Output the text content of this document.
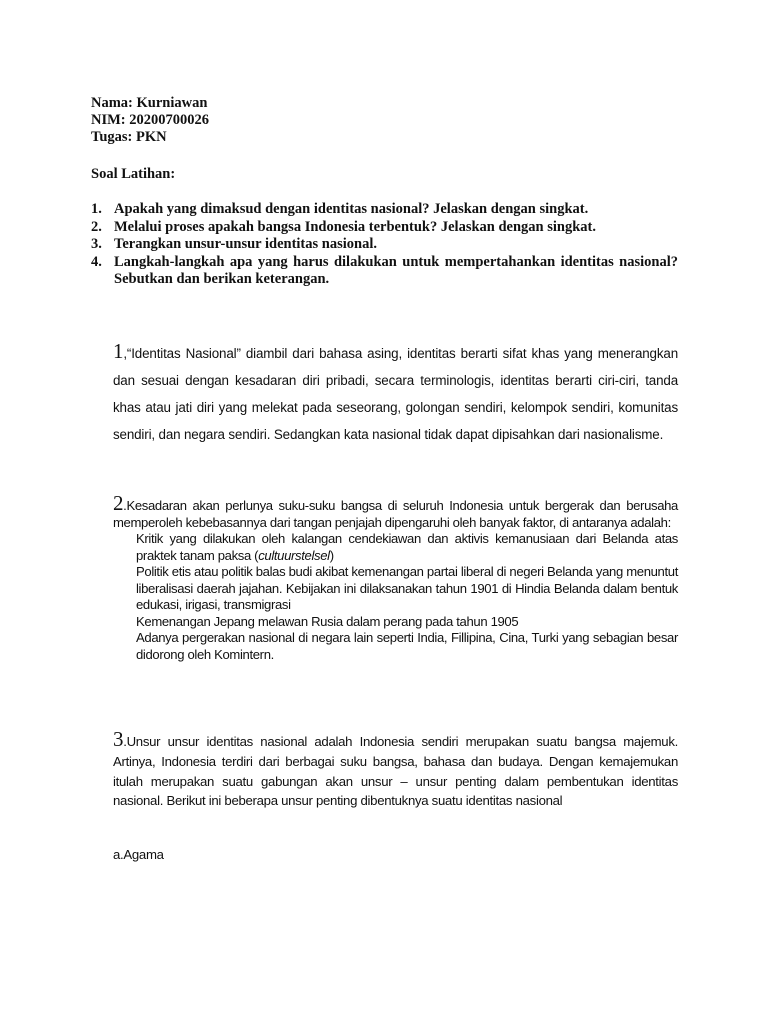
Nama: Kurniawan
NIM: 20200700026
Tugas: PKN
Soal Latihan:
1. Apakah yang dimaksud dengan identitas nasional? Jelaskan dengan singkat.
2. Melalui proses apakah bangsa Indonesia terbentuk? Jelaskan dengan singkat.
3. Terangkan unsur-unsur identitas nasional.
4. Langkah-langkah apa yang harus dilakukan untuk mempertahankan identitas nasional? Sebutkan dan berikan keterangan.
1,“Identitas Nasional” diambil dari bahasa asing, identitas berarti sifat khas yang menerangkan dan sesuai dengan kesadaran diri pribadi, secara terminologis, identitas berarti ciri-ciri, tanda khas atau jati diri yang melekat pada seseorang, golongan sendiri, kelompok sendiri, komunitas sendiri, dan negara sendiri. Sedangkan kata nasional tidak dapat dipisahkan dari nasionalisme.

2.Kesadaran akan perlunya suku-suku bangsa di seluruh Indonesia untuk bergerak dan berusaha memperoleh kebebasannya dari tangan penjajah dipengaruhi oleh banyak faktor, di antaranya adalah:

Kritik yang dilakukan oleh kalangan cendekiawan dan aktivis kemanusiaan dari Belanda atas praktek tanam paksa (cultuurstelsel)
Politik etis atau politik balas budi akibat kemenangan partai liberal di negeri Belanda yang menuntut liberalisasi daerah jajahan. Kebijakan ini dilaksanakan tahun 1901 di Hindia Belanda dalam bentuk edukasi, irigasi, transmigrasi
Kemenangan Jepang melawan Rusia dalam perang pada tahun 1905
Adanya pergerakan nasional di negara lain seperti India, Fillipina, Cina, Turki yang sebagian besar didorong oleh Komintern.
3.Unsur unsur identitas nasional adalah Indonesia sendiri merupakan suatu bangsa majemuk. Artinya, Indonesia terdiri dari berbagai suku bangsa, bahasa dan budaya. Dengan kemajemukan itulah merupakan suatu gabungan akan unsur – unsur penting dalam pembentukan identitas nasional. Berikut ini beberapa unsur penting dibentuknya suatu identitas nasional
a.Agama
